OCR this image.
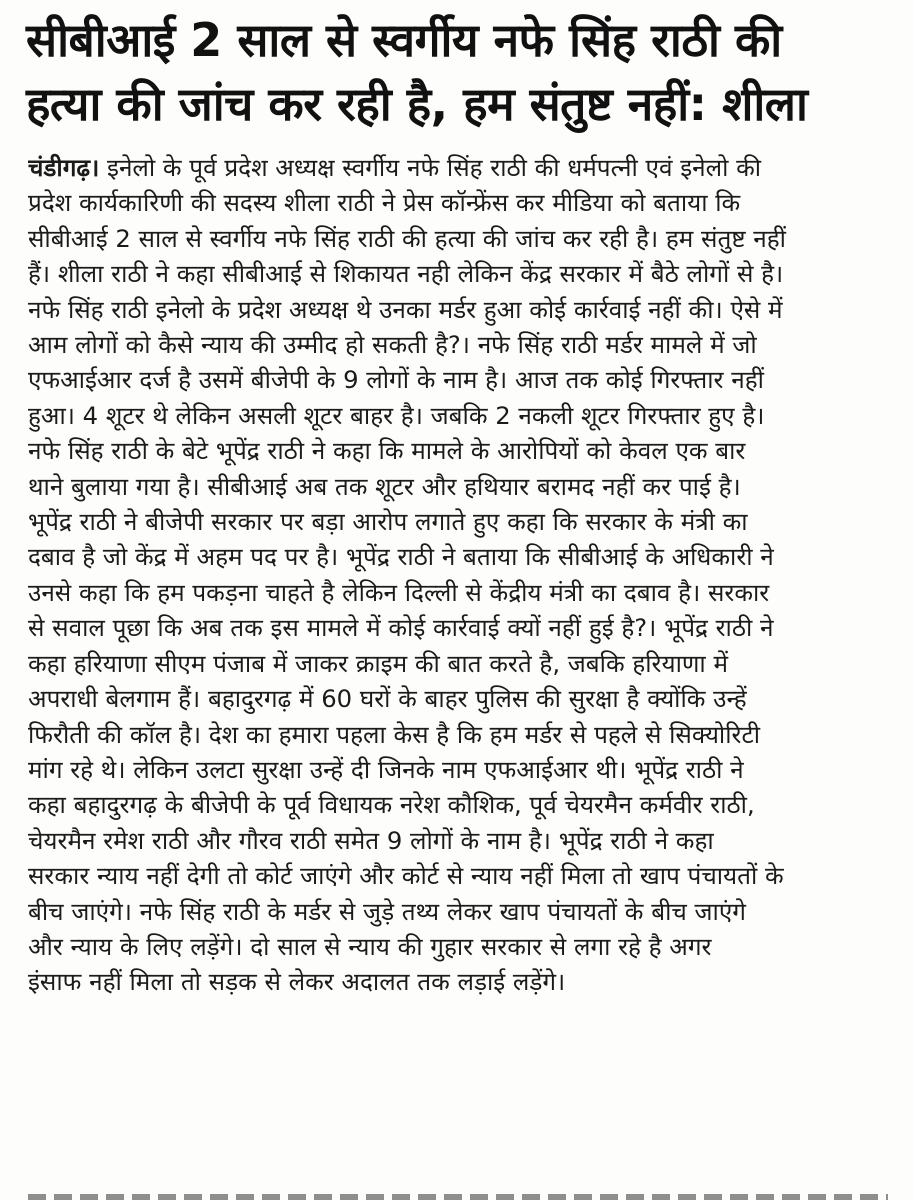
सीबीआई 2 साल से स्वर्गीय नफे सिंह राठी की
हत्या की जांच कर रही है, हम संतुष्ट नहीं: शीला
चंडीगढ़। इनेलो के पूर्व प्रदेश अध्यक्ष स्वर्गीय नफे सिंह राठी की धर्मपत्नी एवं इनेलो की
प्रदेश कार्यकारिणी की सदस्य शीला राठी ने प्रेस कॉन्फ्रेंस कर मीडिया को बताया कि
सीबीआई 2 साल से स्वर्गीय नफे सिंह राठी की हत्या की जांच कर रही है। हम संतुष्ट नहीं
हैं। शीला राठी ने कहा सीबीआई से शिकायत नही लेकिन केंद्र सरकार में बैठे लोगों से है।
नफे सिंह राठी इनेलो के प्रदेश अध्यक्ष थे उनका मर्डर हुआ कोई कार्रवाई नहीं की। ऐसे में
आम लोगों को कैसे न्याय की उम्मीद हो सकती है?। नफे सिंह राठी मर्डर मामले में जो
एफआईआर दर्ज है उसमें बीजेपी के 9 लोगों के नाम है। आज तक कोई गिरफ्तार नहीं
हुआ। 4 शूटर थे लेकिन असली शूटर बाहर है। जबकि 2 नकली शूटर गिरफ्तार हुए है।
नफे सिंह राठी के बेटे भूपेंद्र राठी ने कहा कि मामले के आरोपियों को केवल एक बार
थाने बुलाया गया है। सीबीआई अब तक शूटर और हथियार बरामद नहीं कर पाई है।
भूपेंद्र राठी ने बीजेपी सरकार पर बड़ा आरोप लगाते हुए कहा कि सरकार के मंत्री का
दबाव है जो केंद्र में अहम पद पर है। भूपेंद्र राठी ने बताया कि सीबीआई के अधिकारी ने
उनसे कहा कि हम पकड़ना चाहते है लेकिन दिल्ली से केंद्रीय मंत्री का दबाव है। सरकार
से सवाल पूछा कि अब तक इस मामले में कोई कार्रवाई क्यों नहीं हुई है?। भूपेंद्र राठी ने
कहा हरियाणा सीएम पंजाब में जाकर क्राइम की बात करते है, जबकि हरियाणा में
अपराधी बेलगाम हैं। बहादुरगढ़ में 60 घरों के बाहर पुलिस की सुरक्षा है क्योंकि उन्हें
फिरौती की कॉल है। देश का हमारा पहला केस है कि हम मर्डर से पहले से सिक्योरिटी
मांग रहे थे। लेकिन उलटा सुरक्षा उन्हें दी जिनके नाम एफआईआर थी। भूपेंद्र राठी ने
कहा बहादुरगढ़ के बीजेपी के पूर्व विधायक नरेश कौशिक, पूर्व चेयरमैन कर्मवीर राठी,
चेयरमैन रमेश राठी और गौरव राठी समेत 9 लोगों के नाम है। भूपेंद्र राठी ने कहा
सरकार न्याय नहीं देगी तो कोर्ट जाएंगे और कोर्ट से न्याय नहीं मिला तो खाप पंचायतों के
बीच जाएंगे। नफे सिंह राठी के मर्डर से जुड़े तथ्य लेकर खाप पंचायतों के बीच जाएंगे
और न्याय के लिए लड़ेंगे। दो साल से न्याय की गुहार सरकार से लगा रहे है अगर
इंसाफ नहीं मिला तो सड़क से लेकर अदालत तक लड़ाई लड़ेंगे।
